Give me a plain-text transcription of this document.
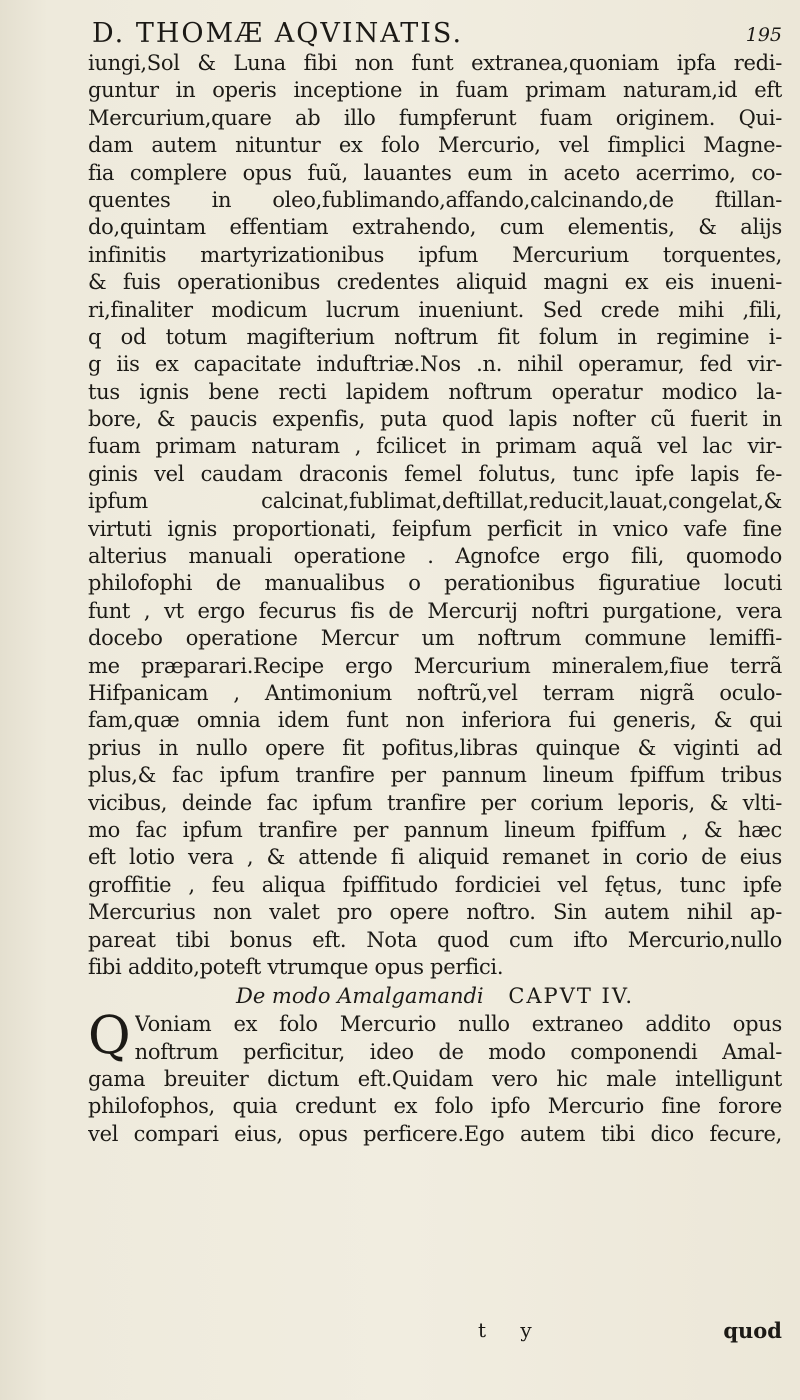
D. THOMÆ AQVINATIS.	195
iungi,Sol & Luna fibi non funt extranea,quoniam ipfa redi-
guntur in operis inceptione in fuam primam naturam,id eft
Mercurium,quare ab illo fumpferunt fuam originem. Qui-
dam autem nituntur ex folo Mercurio, vel fimplici Magne-
fia complere opus fuũ, lauantes eum in aceto acerrimo, co-
quentes in oleo,fublimando,affando,calcinando,de ftillan-
do,quintam effentiam extrahendo, cum elementis, & alijs
infinitis martyrizationibus ipfum Mercurium torquentes,
& fuis operationibus credentes aliquid magni ex eis inueni-
ri,finaliter modicum lucrum inueniunt. Sed crede mihi ,fili,
q od totum magifterium noftrum fit folum in regimine i-
g iis ex capacitate induftriæ.Nos .n. nihil operamur, fed vir-
tus ignis bene recti lapidem noftrum operatur modico la-
bore, & paucis expenfis, puta quod lapis nofter cũ fuerit in
fuam primam naturam , fcilicet in primam aquã vel lac vir-
ginis vel caudam draconis femel folutus, tunc ipfe lapis fe-
ipfum calcinat,fublimat,deftillat,reducit,lauat,congelat,&
virtuti ignis proportionati, feipfum perficit in vnico vafe fine
alterius manuali operatione . Agnofce ergo fili, quomodo
philofophi de manualibus o perationibus figuratiue locuti
funt , vt ergo fecurus fis de Mercurij noftri purgatione, vera
docebo operatione Mercur um noftrum commune lemiffi-
me præparari.Recipe ergo Mercurium mineralem,fiue terrã
Hifpanicam , Antimonium noftrũ,vel terram nigrã oculo-
fam,quæ omnia idem funt non inferiora fui generis, & qui
prius in nullo opere fit pofitus,libras quinque & viginti ad
plus,& fac ipfum tranfire per pannum lineum fpiffum tribus
vicibus, deinde fac ipfum tranfire per corium leporis, & vlti-
mo fac ipfum tranfire per pannum lineum fpiffum , & hæc
eft lotio vera , & attende fi aliquid remanet in corio de eius
groffitie , feu aliqua fpiffitudo fordiciei vel fętus, tunc ipfe
Mercurius non valet pro opere noftro. Sin autem nihil ap-
pareat tibi bonus eft. Nota quod cum ifto Mercurio,nullo
fibi addito,poteft vtrumque opus perfici.
De modo Amalgamandi CAPVT IV.
Q Voniam ex folo Mercurio nullo extraneo addito opus
noftrum perficitur, ideo de modo componendi Amal-
gama breuiter dictum eft.Quidam vero hic male intelligunt
philofophos, quia credunt ex folo ipfo Mercurio fine forore
vel compari eius, opus perficere.Ego autem tibi dico fecure,
t y	quod
